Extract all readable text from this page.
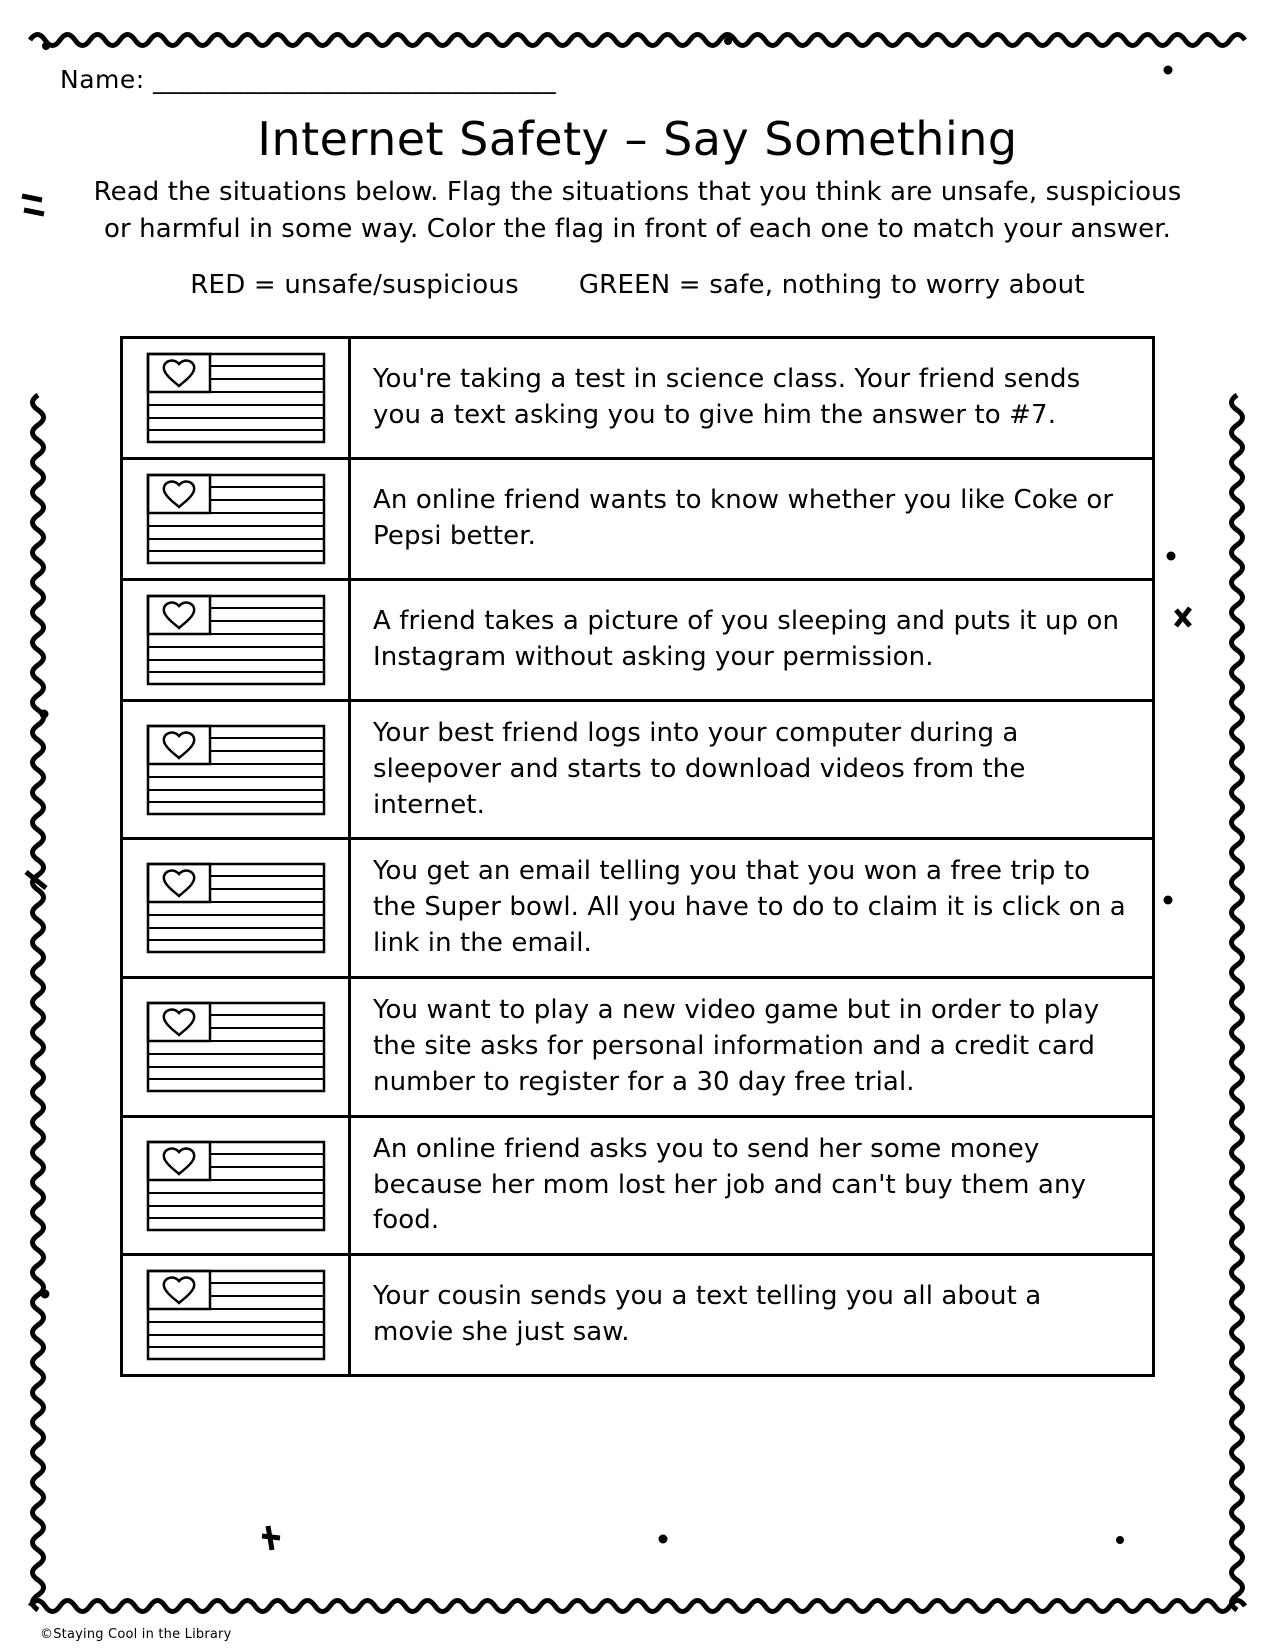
Name: _______________________________
Internet Safety – Say Something
Read the situations below. Flag the situations that you think are unsafe, suspicious or harmful in some way. Color the flag in front of each one to match your answer.
RED = unsafe/suspicious GREEN = safe, nothing to worry about
You're taking a test in science class. Your friend sends you a text asking you to give him the answer to #7.
An online friend wants to know whether you like Coke or Pepsi better.
A friend takes a picture of you sleeping and puts it up on Instagram without asking your permission.
Your best friend logs into your computer during a sleepover and starts to download videos from the internet.
You get an email telling you that you won a free trip to the Super bowl. All you have to do to claim it is click on a link in the email.
You want to play a new video game but in order to play the site asks for personal information and a credit card number to register for a 30 day free trial.
An online friend asks you to send her some money because her mom lost her job and can't buy them any food.
Your cousin sends you a text telling you all about a movie she just saw.
©Staying Cool in the Library
